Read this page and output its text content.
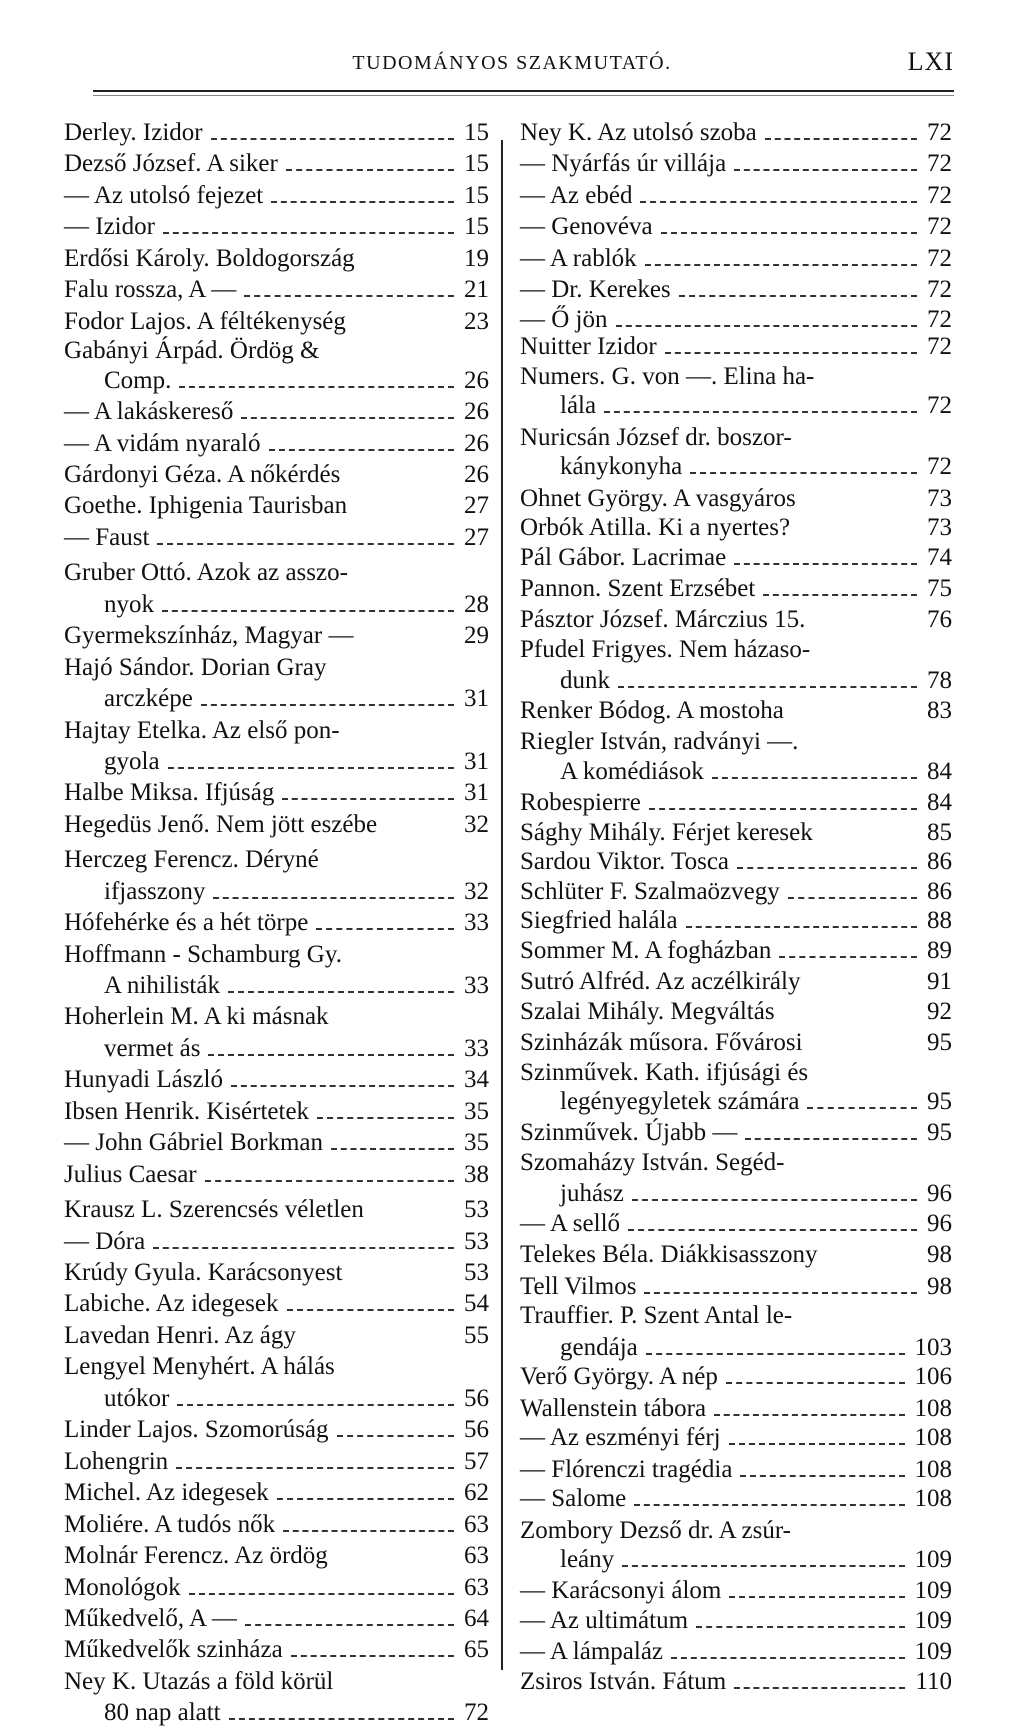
TUDOMÁNYOS SZAKMUTATÓ.	LXI
Derley. Izidor	15
Dezső József. A siker	15
— Az utolsó fejezet	15
— Izidor	15
Erdősi Károly. Boldogország	19
Falu rossza, A —	21
Fodor Lajos. A féltékenység	23
Gabányi Árpád. Ördög &
Comp.	26
— A lakáskereső	26
— A vidám nyaraló	26
Gárdonyi Géza. A nőkérdés	26
Goethe. Iphigenia Taurisban	27
— Faust	27
Gruber Ottó. Azok az asszo-
nyok	28
Gyermekszínház, Magyar —	29
Hajó Sándor. Dorian Gray
arczképe	31
Hajtay Etelka. Az első pon-
gyola	31
Halbe Miksa. Ifjúság	31
Hegedüs Jenő. Nem jött eszébe	32
Herczeg Ferencz. Déryné
ifjasszony	32
Hófehérke és a hét törpe	33
Hoffmann - Schamburg Gy.
A nihilisták	33
Hoherlein M. A ki másnak
vermet ás	33
Hunyadi László	34
Ibsen Henrik. Kisértetek	35
— John Gábriel Borkman	35
Julius Caesar	38
Krausz L. Szerencsés véletlen	53
— Dóra	53
Krúdy Gyula. Karácsonyest	53
Labiche. Az idegesek	54
Lavedan Henri. Az ágy	55
Lengyel Menyhért. A hálás
utókor	56
Linder Lajos. Szomorúság	56
Lohengrin	57
Michel. Az idegesek	62
Moliére. A tudós nők	63
Molnár Ferencz. Az ördög	63
Monológok	63
Műkedvelő, A —	64
Műkedvelők szinháza	65
Ney K. Utazás a föld körül
80 nap alatt	72
Ney K. Az utolsó szoba	72
— Nyárfás úr villája	72
— Az ebéd	72
— Genovéva	72
— A rablók	72
— Dr. Kerekes	72
— Ő jön	72
Nuitter Izidor	72
Numers. G. von —. Elina ha-
lála	72
Nuricsán József dr. boszor-
kánykonyha	72
Ohnet György. A vasgyáros	73
Orbók Atilla. Ki a nyertes?	73
Pál Gábor. Lacrimae	74
Pannon. Szent Erzsébet	75
Pásztor József. Márczius 15.	76
Pfudel Frigyes. Nem házaso-
dunk	78
Renker Bódog. A mostoha	83
Riegler István, radványi —.
A komédiások	84
Robespierre	84
Sághy Mihály. Férjet keresek	85
Sardou Viktor. Tosca	86
Schlüter F. Szalmaözvegy	86
Siegfried halála	88
Sommer M. A fogházban	89
Sutró Alfréd. Az aczélkirály	91
Szalai Mihály. Megváltás	92
Szinházák műsora. Fővárosi	95
Szinművek. Kath. ifjúsági és
legényegyletek számára	95
Szinművek. Újabb —	95
Szomaházy István. Segéd-
juhász	96
— A sellő	96
Telekes Béla. Diákkisasszony	98
Tell Vilmos	98
Trauffier. P. Szent Antal le-
gendája	103
Verő György. A nép	106
Wallenstein tábora	108
— Az eszményi férj	108
— Flórenczi tragédia	108
— Salome	108
Zombory Dezső dr. A zsúr-
leány	109
— Karácsonyi álom	109
— Az ultimátum	109
— A lámpaláz	109
Zsiros István. Fátum	110
